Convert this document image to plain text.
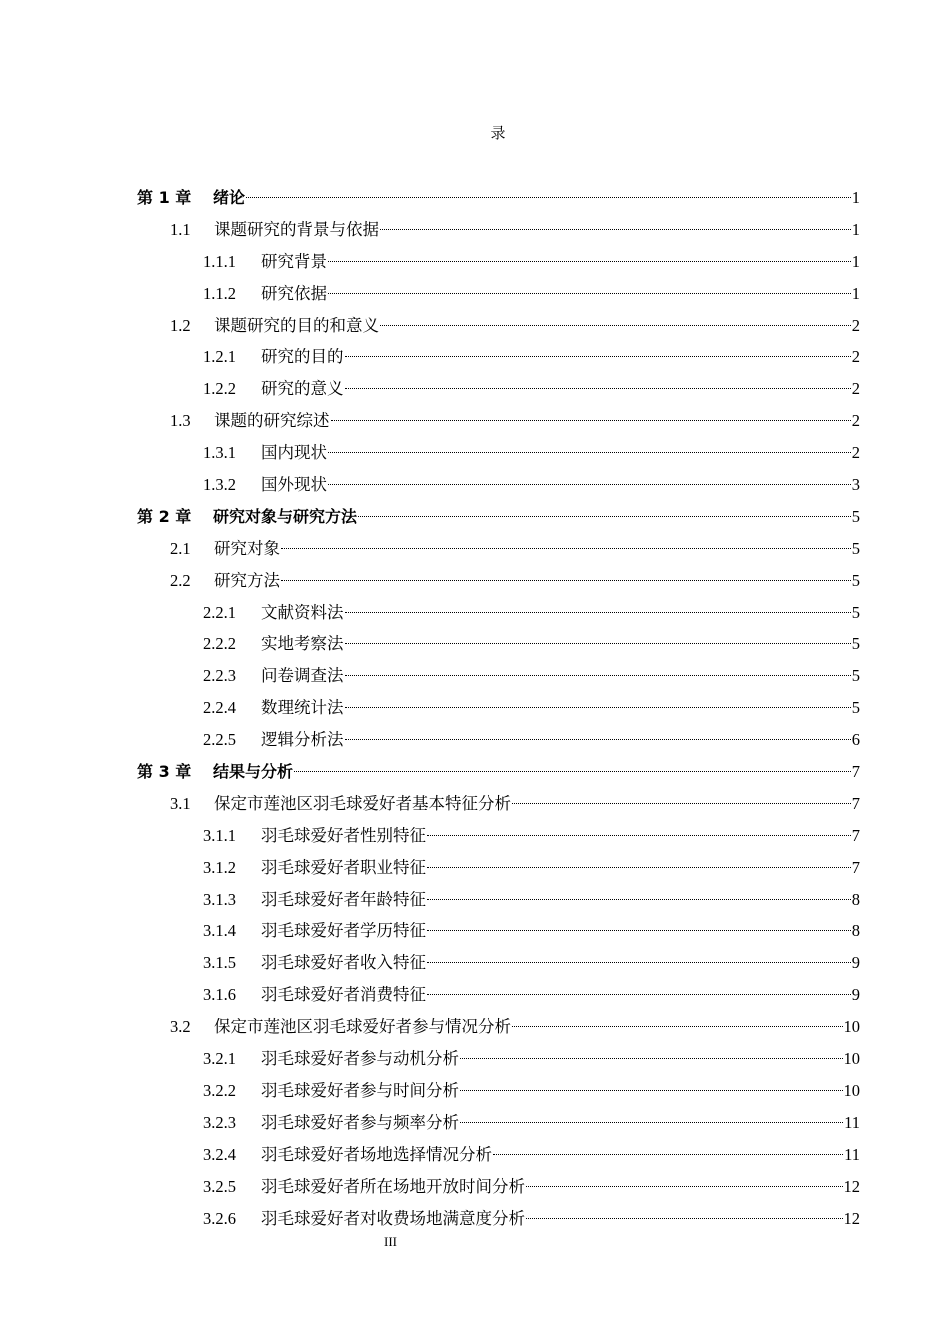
录
第 1 章	绪论	1
1.1	课题研究的背景与依据	1
1.1.1	研究背景	1
1.1.2	研究依据	1
1.2	课题研究的目的和意义	2
1.2.1	研究的目的	2
1.2.2	研究的意义	2
1.3	课题的研究综述	2
1.3.1	国内现状	2
1.3.2	国外现状	3
第 2 章	研究对象与研究方法	5
2.1	研究对象	5
2.2	研究方法	5
2.2.1	文献资料法	5
2.2.2	实地考察法	5
2.2.3	问卷调查法	5
2.2.4	数理统计法	5
2.2.5	逻辑分析法	6
第 3 章	结果与分析	7
3.1	保定市莲池区羽毛球爱好者基本特征分析	7
3.1.1	羽毛球爱好者性别特征	7
3.1.2	羽毛球爱好者职业特征	7
3.1.3	羽毛球爱好者年龄特征	8
3.1.4	羽毛球爱好者学历特征	8
3.1.5	羽毛球爱好者收入特征	9
3.1.6	羽毛球爱好者消费特征	9
3.2	保定市莲池区羽毛球爱好者参与情况分析	10
3.2.1	羽毛球爱好者参与动机分析	10
3.2.2	羽毛球爱好者参与时间分析	10
3.2.3	羽毛球爱好者参与频率分析	11
3.2.4	羽毛球爱好者场地选择情况分析	11
3.2.5	羽毛球爱好者所在场地开放时间分析	12
3.2.6	羽毛球爱好者对收费场地满意度分析	12
III
